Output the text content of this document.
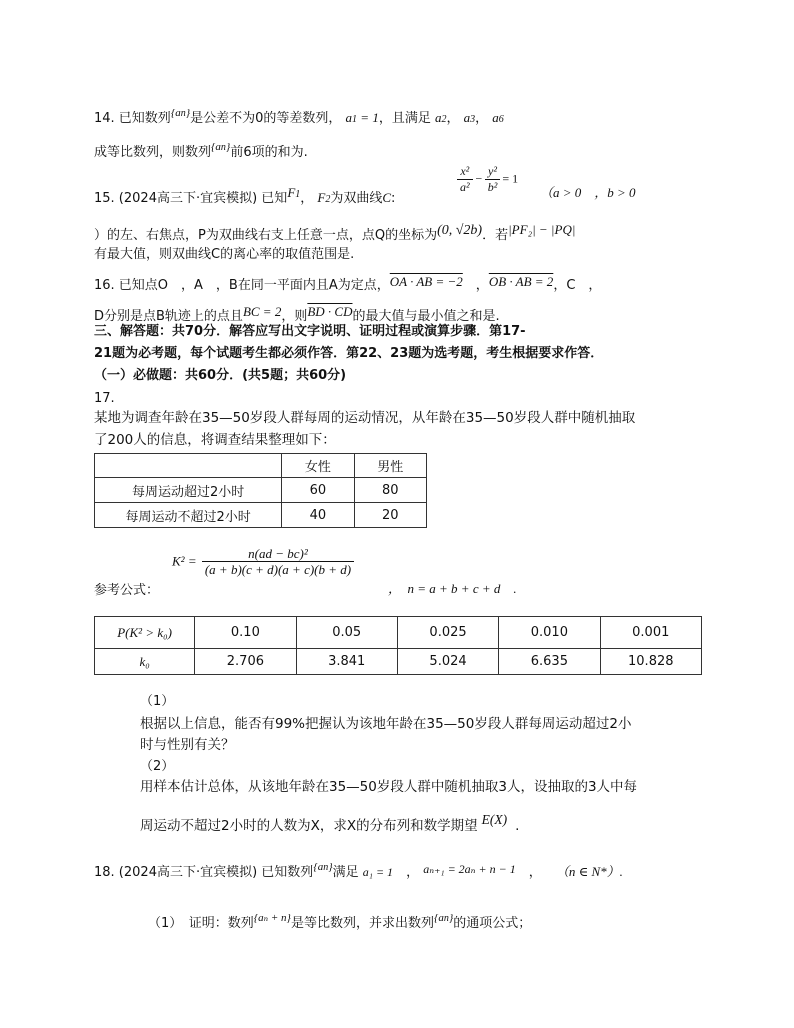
14. 已知数列$^{\{an\}}$是公差不为0的等差数列， a1 = 1，且满足 a2， a3， a6
成等比数列，则数列$^{\{an\}}$前6项的和为.
15. (2024高三下·宜宾模拟) 已知F1， F2为双曲线C:
$\frac{\text{x²}}{\text{a²}} - \frac{\text{y²}}{\text{b²}} = 1$
（a > 0　，b > 0
）的左、右焦点，P为双曲线右支上任意一点，点Q的坐标为(0, √2b)．若|PF₂| − |PQ|
有最大值，则双曲线C的离心率的取值范围是.
16. 已知点O　，A　，B在同一平面内且A为定点，OA · AB = −2　，OB · AB = 2，C　，
D分别是点B轨迹上的点且BC = 2，则BD · CD的最大值与最小值之和是.
三、解答题：共70分．解答应写出文字说明、证明过程或演算步骤．第17-
21题为必考题，每个试题考生都必须作答．第22、23题为选考题，考生根据要求作答．
（一）必做题：共60分．(共5题；共60分)
17.
某地为调查年龄在35—50岁段人群每周的运动情况，从年龄在35—50岁段人群中随机抽取
了200人的信息，将调查结果整理如下：
	女性	男性
每周运动超过2小时	60	80
每周运动不超过2小时	40	20
参考公式：
$K^2 = \frac{\text{n(ad − bc)²}}{(a + b)(c + d)(a + c)(b + d)}$
，　n = a + b + c + d　.
P(K² > k₀)	0.10	0.05	0.025	0.010	0.001
k₀	2.706	3.841	5.024	6.635	10.828
（1）
根据以上信息，能否有99%把握认为该地年龄在35—50岁段人群每周运动超过2小
时与性别有关？
（2）
用样本估计总体，从该地年龄在35—50岁段人群中随机抽取3人，设抽取的3人中每
周运动不超过2小时的人数为X，求X的分布列和数学期望 E(X) .
18. (2024高三下·宜宾模拟) 已知数列$^{\{an\}}$满足 a₁ = 1　， aₙ₊₁ = 2aₙ + n − 1　， （n ∈ N*）.
（1）　证明：数列$^{\{a_n + n\}}$是等比数列，并求出数列$^{\{an\}}$的通项公式；
